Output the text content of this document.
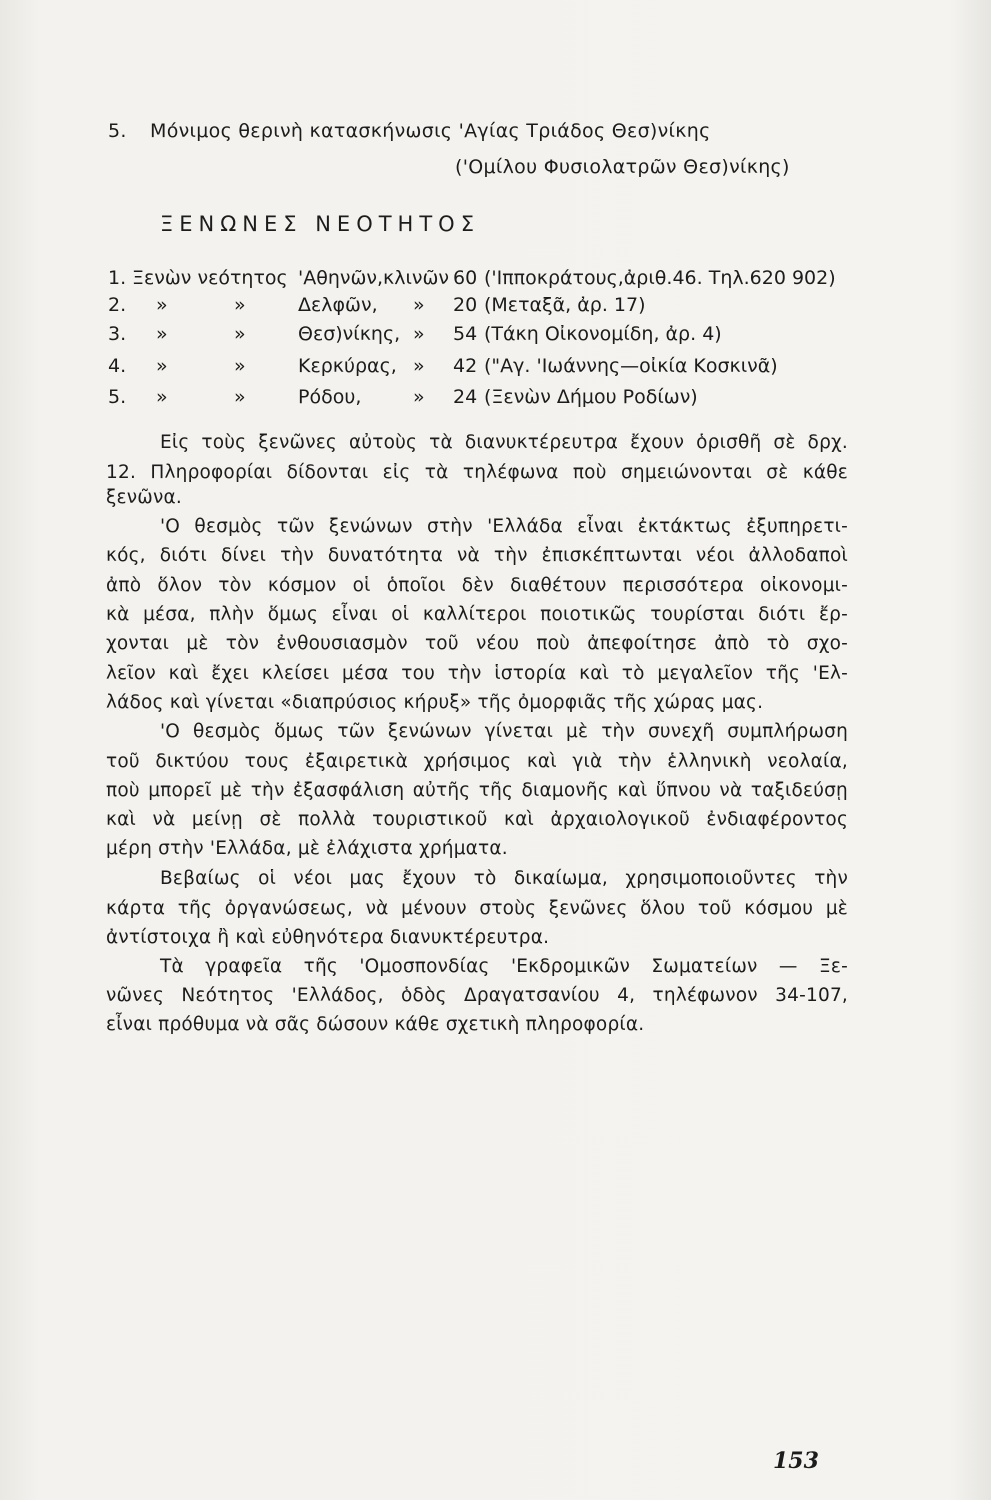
5. Μόνιμος θερινὴ κατασκήνωσις 'Αγίας Τριάδος Θεσ)νίκης
('Ομίλου Φυσιολατρῶν Θεσ)νίκης)
ΞΕΝΩΝΕΣ ΝΕΟΤΗΤΟΣ
1. Ξενὼν νεότητος 'Αθηνῶν, κλινῶν 60 ('Ιπποκράτους,ἀριθ.46. Τηλ.620 902)
2. »	»	Δελφῶν, » 20 (Μεταξᾶ, ἀρ. 17)
3. »	»	Θεσ)νίκης, » 54 (Τάκη Οἰκονομίδη, ἀρ. 4)
4. »	»	Κερκύρας, » 42 ("Αγ. 'Ιωάννης—οἰκία Κοσκινᾶ)
5. »	»	Ρόδου,	» 24 (Ξενὼν Δήμου Ροδίων)
Εἰς τοὺς ξενῶνες αὐτοὺς τὰ διανυκτέρευτρα ἔχουν ὁρισθῆ σὲ δρχ.
12. Πληροφορίαι δίδονται εἰς τὰ τηλέφωνα ποὺ σημειώνονται σὲ κάθε
ξενῶνα.
'Ο θεσμὸς τῶν ξενώνων στὴν 'Ελλάδα εἶναι ἐκτάκτως ἐξυπηρετι-
κός, διότι δίνει τὴν δυνατότητα νὰ τὴν ἐπισκέπτωνται νέοι ἀλλοδαποὶ
ἀπὸ ὅλον τὸν κόσμον οἱ ὁποῖοι δὲν διαθέτουν περισσότερα οἰκονομι-
κὰ μέσα, πλὴν ὅμως εἶναι οἱ καλλίτεροι ποιοτικῶς τουρίσται διότι ἔρ-
χονται μὲ τὸν ἐνθουσιασμὸν τοῦ νέου ποὺ ἀπεφοίτησε ἀπὸ τὸ σχο-
λεῖον καὶ ἔχει κλείσει μέσα του τὴν ἱστορία καὶ τὸ μεγαλεῖον τῆς 'Ελ-
λάδος καὶ γίνεται «διαπρύσιος κήρυξ» τῆς ὀμορφιᾶς τῆς χώρας μας.
'Ο θεσμὸς ὅμως τῶν ξενώνων γίνεται μὲ τὴν συνεχῆ συμπλήρωση
τοῦ δικτύου τους ἐξαιρετικὰ χρήσιμος καὶ γιὰ τὴν ἑλληνικὴ νεολαία,
ποὺ μπορεῖ μὲ τὴν ἐξασφάλιση αὐτῆς τῆς διαμονῆς καὶ ὕπνου νὰ ταξιδεύσῃ
καὶ νὰ μείνῃ σὲ πολλὰ τουριστικοῦ καὶ ἀρχαιολογικοῦ ἐνδιαφέροντος
μέρη στὴν 'Ελλάδα, μὲ ἐλάχιστα χρήματα.
Βεβαίως οἱ νέοι μας ἔχουν τὸ δικαίωμα, χρησιμοποιοῦντες τὴν
κάρτα τῆς ὀργανώσεως, νὰ μένουν στοὺς ξενῶνες ὅλου τοῦ κόσμου μὲ
ἀντίστοιχα ἢ καὶ εὐθηνότερα διανυκτέρευτρα.
Τὰ γραφεῖα τῆς 'Ομοσπονδίας 'Εκδρομικῶν Σωματείων — Ξε-
νῶνες Νεότητος 'Ελλάδος, ὁδὸς Δραγατσανίου 4, τηλέφωνον 34-107,
εἶναι πρόθυμα νὰ σᾶς δώσουν κάθε σχετικὴ πληροφορία.
153
